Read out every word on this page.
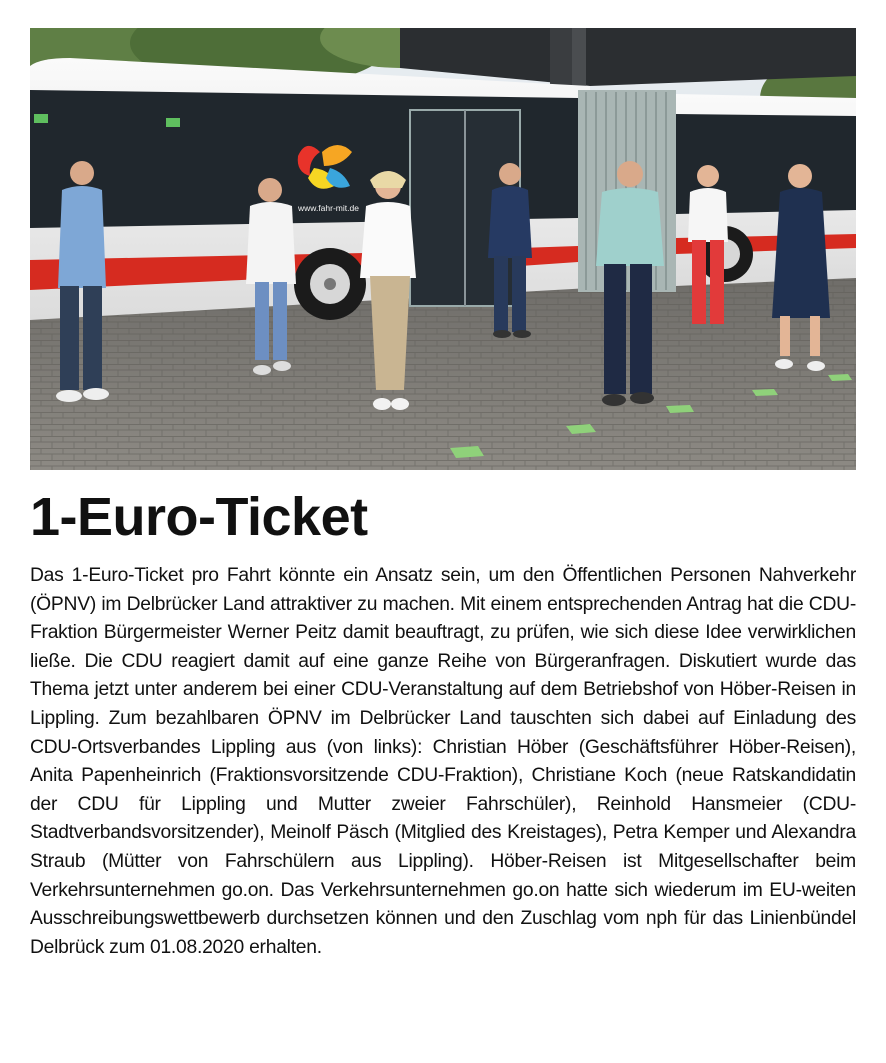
www.fahr-mit.de
1-Euro-Ticket

Das 1-Euro-Ticket pro Fahrt könnte ein Ansatz sein, um den Öffentlichen Personen Nahverkehr (ÖPNV) im Delbrücker Land attraktiver zu machen. Mit einem entsprechenden Antrag hat die CDU-Fraktion Bürgermeister Werner Peitz damit beauftragt, zu prüfen, wie sich diese Idee verwirklichen ließe. Die CDU reagiert damit auf eine ganze Reihe von Bürgeranfragen. Diskutiert wurde das Thema jetzt unter anderem bei einer CDU-Veranstaltung auf dem Betriebshof von Höber-Reisen in Lippling. Zum bezahlbaren ÖPNV im Delbrücker Land tauschten sich dabei auf Einladung des CDU-Ortsverbandes Lippling aus (von links): Christian Höber (Geschäftsführer Höber-Reisen), Anita Papenheinrich (Fraktionsvorsitzende CDU-Fraktion), Christiane Koch (neue Ratskandidatin der CDU für Lippling und Mutter zweier Fahrschüler), Reinhold Hansmeier (CDU-Stadtverbandsvorsitzender), Meinolf Päsch (Mitglied des Kreistages), Petra Kemper und Alexandra Straub (Mütter von Fahrschülern aus Lippling). Höber-Reisen ist Mitgesellschafter beim Verkehrsunternehmen go.on. Das Verkehrsunternehmen go.on hatte sich wiederum im EU-weiten Ausschreibungswettbewerb durchsetzen können und den Zuschlag vom nph für das Linienbündel Delbrück zum 01.08.2020 erhalten.
